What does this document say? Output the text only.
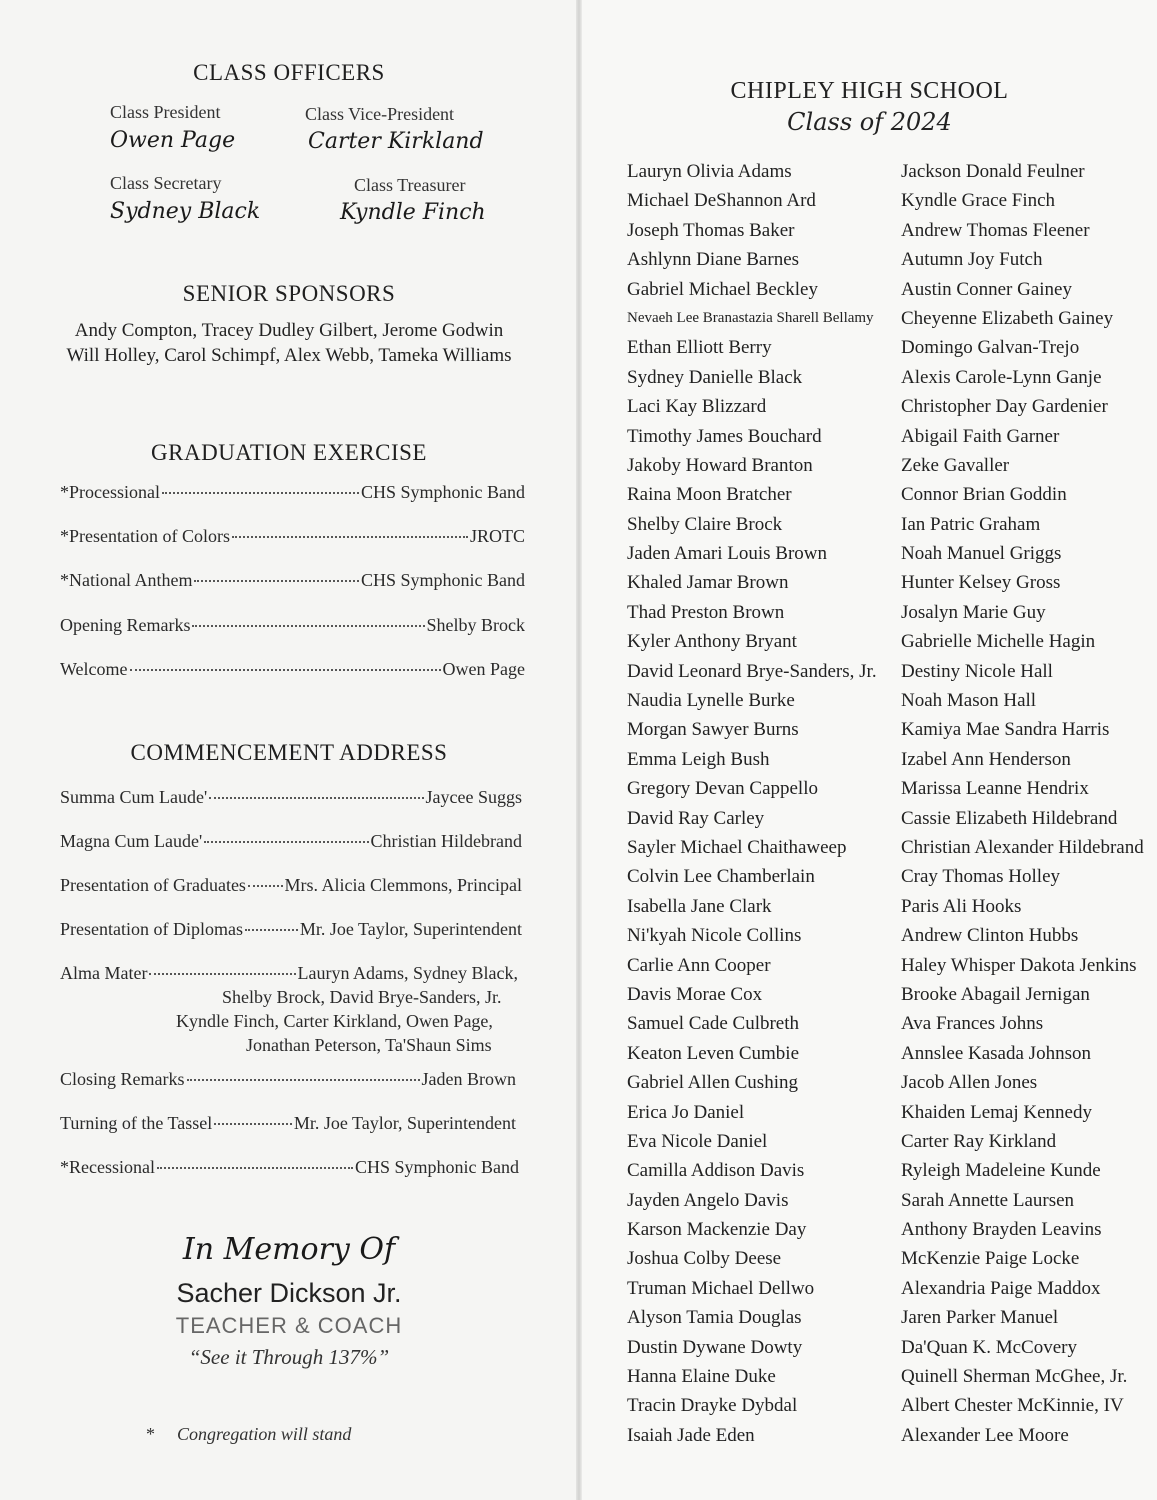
CLASS OFFICERS
Class President
Owen Page
Class Vice-President
Carter Kirkland
Class Secretary
Sydney Black
Class Treasurer
Kyndle Finch
SENIOR SPONSORS
Andy Compton, Tracey Dudley Gilbert, Jerome Godwin
Will Holley, Carol Schimpf, Alex Webb, Tameka Williams
GRADUATION EXERCISE
*Processional	CHS Symphonic Band
*Presentation of Colors	JROTC
*National Anthem	CHS Symphonic Band
Opening Remarks	Shelby Brock
Welcome	Owen Page
COMMENCEMENT ADDRESS
Summa Cum Laude'	Jaycee Suggs
Magna Cum Laude'	Christian Hildebrand
Presentation of Graduates Mrs. Alicia Clemmons, Principal
Presentation of Diplomas	Mr. Joe Taylor, Superintendent
Alma Mater	Lauryn Adams, Sydney Black,
Shelby Brock, David Brye-Sanders, Jr.
Kyndle Finch, Carter Kirkland, Owen Page,
Jonathan Peterson, Ta'Shaun Sims
Closing Remarks	Jaden Brown
Turning of the Tassel	Mr. Joe Taylor, Superintendent
*Recessional	CHS Symphonic Band
In Memory Of
Sacher Dickson Jr.
TEACHER & COACH
“See it Through 137%”
* Congregation will stand
CHIPLEY HIGH SCHOOL
Class of 2024
Lauryn Olivia Adams
Michael DeShannon Ard
Joseph Thomas Baker
Ashlynn Diane Barnes
Gabriel Michael Beckley
Nevaeh Lee Branastazia Sharell Bellamy
Ethan Elliott Berry
Sydney Danielle Black
Laci Kay Blizzard
Timothy James Bouchard
Jakoby Howard Branton
Raina Moon Bratcher
Shelby Claire Brock
Jaden Amari Louis Brown
Khaled Jamar Brown
Thad Preston Brown
Kyler Anthony Bryant
David Leonard Brye-Sanders, Jr.
Naudia Lynelle Burke
Morgan Sawyer Burns
Emma Leigh Bush
Gregory Devan Cappello
David Ray Carley
Sayler Michael Chaithaweep
Colvin Lee Chamberlain
Isabella Jane Clark
Ni'kyah Nicole Collins
Carlie Ann Cooper
Davis Morae Cox
Samuel Cade Culbreth
Keaton Leven Cumbie
Gabriel Allen Cushing
Erica Jo Daniel
Eva Nicole Daniel
Camilla Addison Davis
Jayden Angelo Davis
Karson Mackenzie Day
Joshua Colby Deese
Truman Michael Dellwo
Alyson Tamia Douglas
Dustin Dywane Dowty
Hanna Elaine Duke
Tracin Drayke Dybdal
Isaiah Jade Eden
Jackson Donald Feulner
Kyndle Grace Finch
Andrew Thomas Fleener
Autumn Joy Futch
Austin Conner Gainey
Cheyenne Elizabeth Gainey
Domingo Galvan-Trejo
Alexis Carole-Lynn Ganje
Christopher Day Gardenier
Abigail Faith Garner
Zeke Gavaller
Connor Brian Goddin
Ian Patric Graham
Noah Manuel Griggs
Hunter Kelsey Gross
Josalyn Marie Guy
Gabrielle Michelle Hagin
Destiny Nicole Hall
Noah Mason Hall
Kamiya Mae Sandra Harris
Izabel Ann Henderson
Marissa Leanne Hendrix
Cassie Elizabeth Hildebrand
Christian Alexander Hildebrand
Cray Thomas Holley
Paris Ali Hooks
Andrew Clinton Hubbs
Haley Whisper Dakota Jenkins
Brooke Abagail Jernigan
Ava Frances Johns
Annslee Kasada Johnson
Jacob Allen Jones
Khaiden Lemaj Kennedy
Carter Ray Kirkland
Ryleigh Madeleine Kunde
Sarah Annette Laursen
Anthony Brayden Leavins
McKenzie Paige Locke
Alexandria Paige Maddox
Jaren Parker Manuel
Da'Quan K. McCovery
Quinell Sherman McGhee, Jr.
Albert Chester McKinnie, IV
Alexander Lee Moore
